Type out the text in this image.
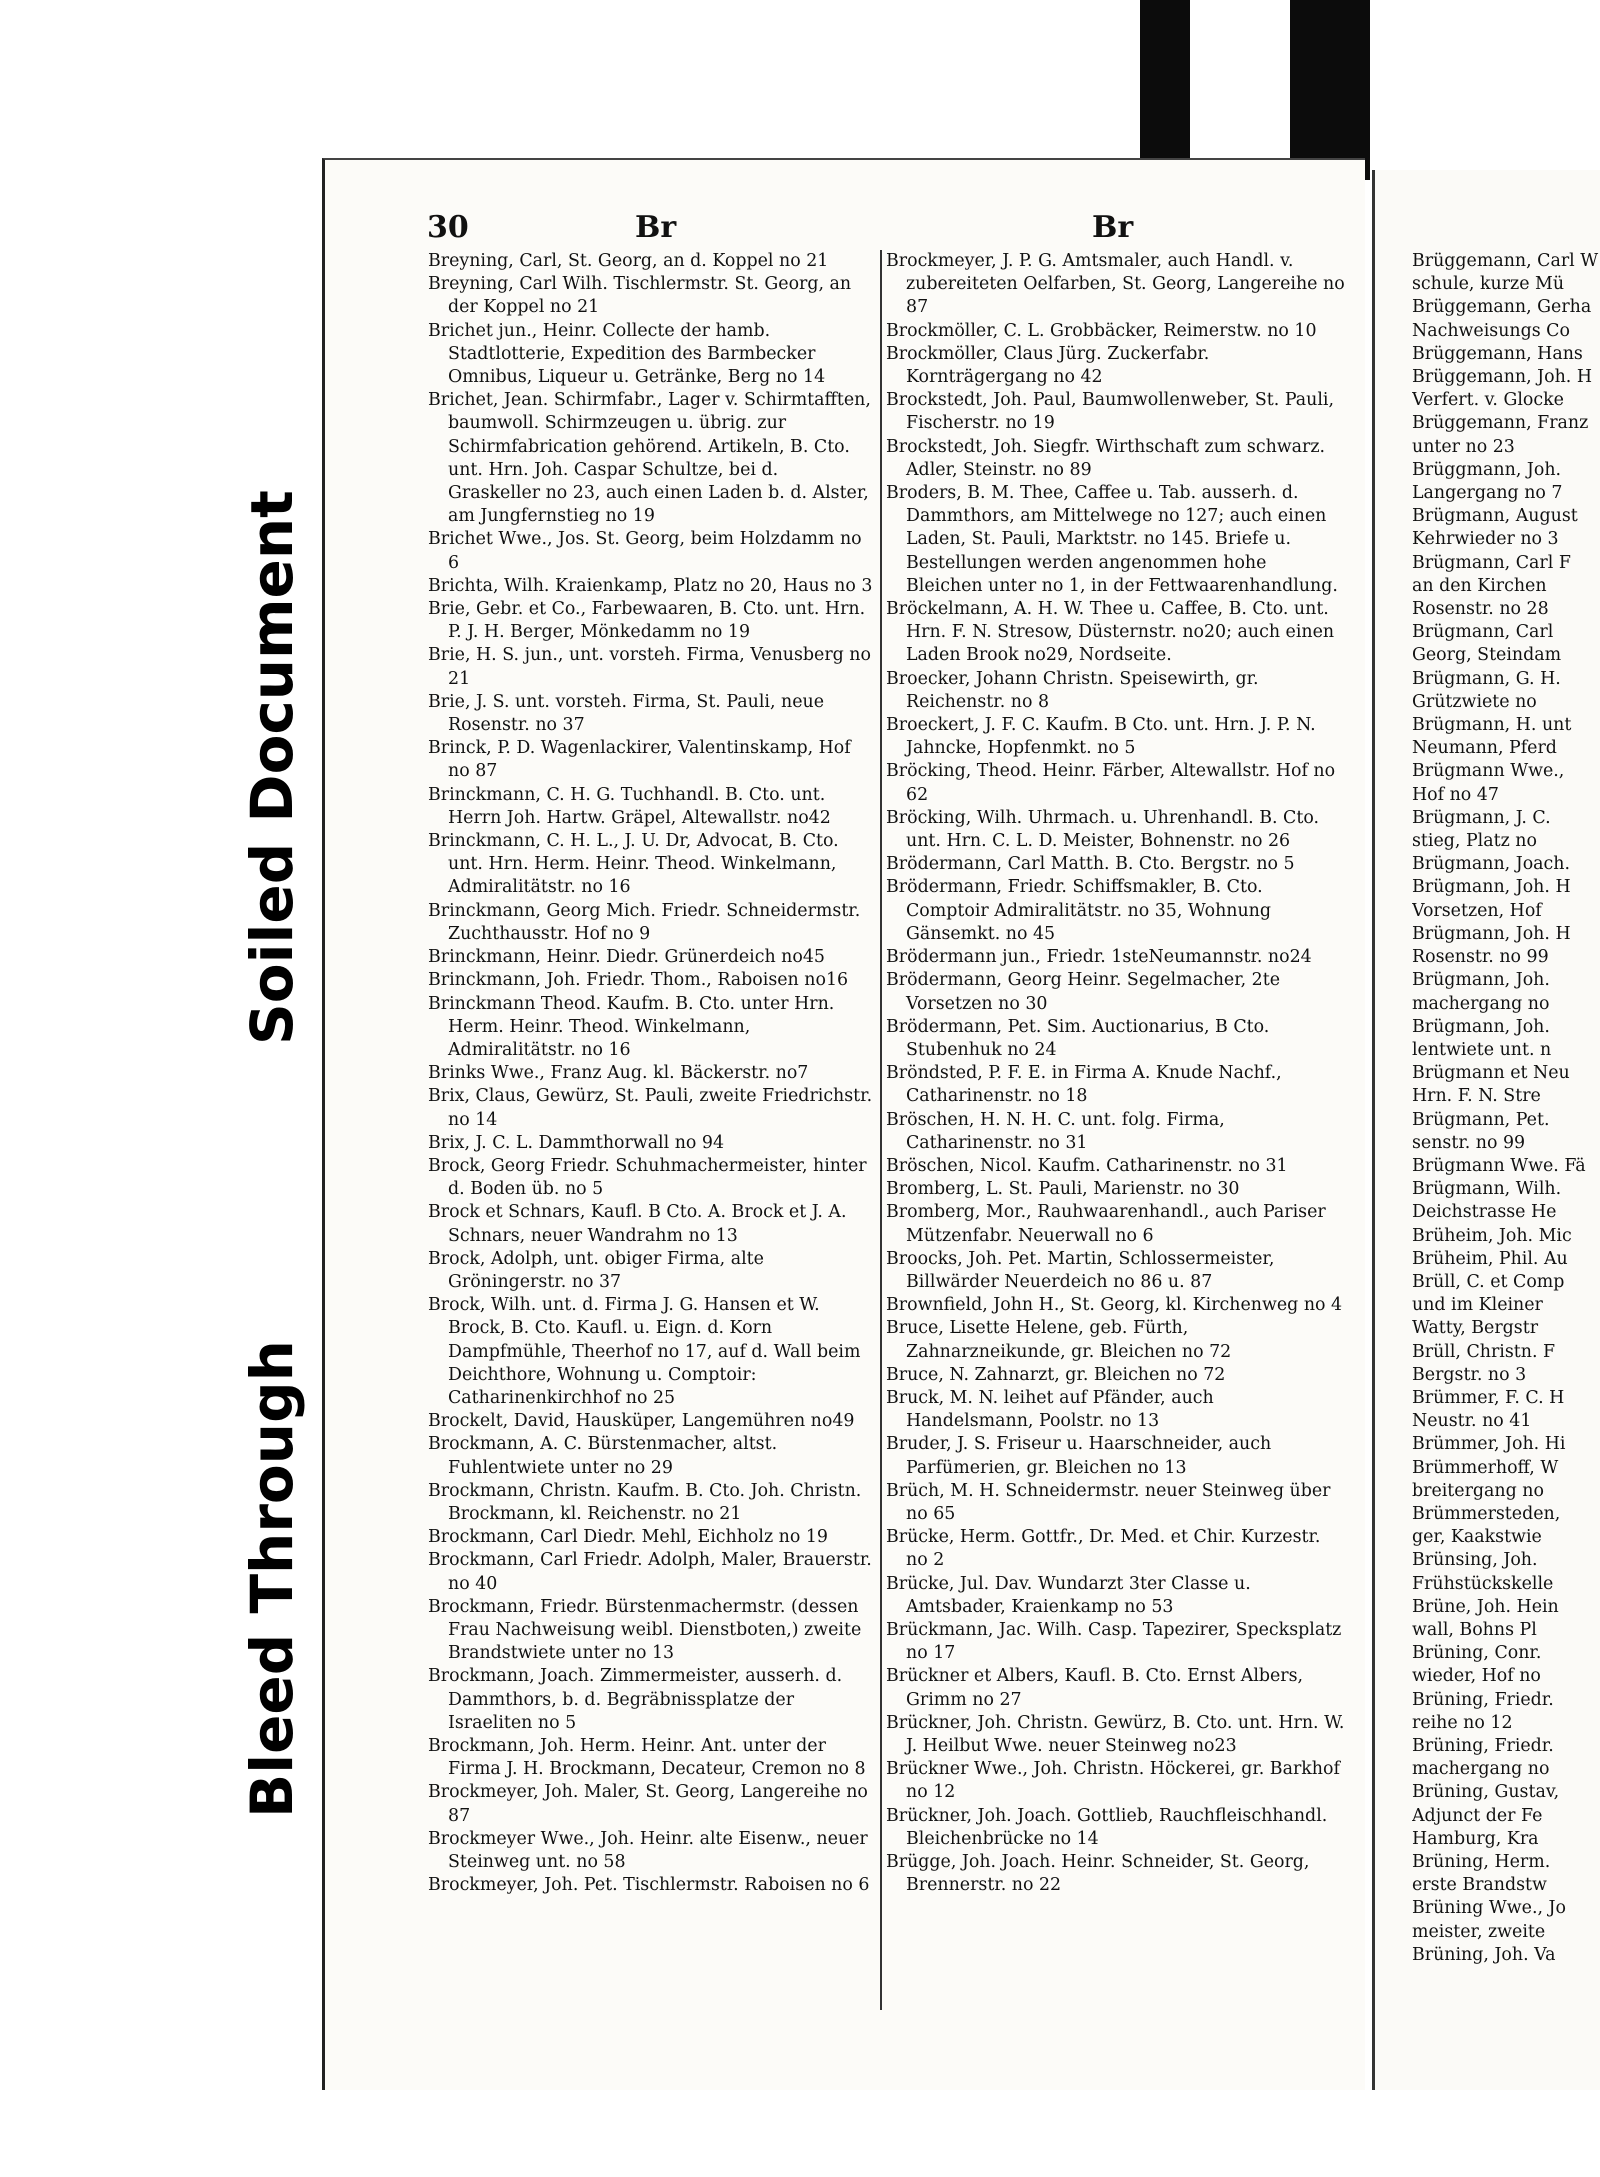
Soiled Document
Bleed Through
30	Br	Br

Breyning, Carl, St. Georg, an d. Koppel no 21

Breyning, Carl Wilh. Tischlermstr. St. Georg, an der Koppel no 21

Brichet jun., Heinr. Collecte der hamb. Stadtlotterie, Expedition des Barmbecker Omnibus, Liqueur u. Getränke, Berg no 14

Brichet, Jean. Schirmfabr., Lager v. Schirmtafften, baumwoll. Schirmzeugen u. übrig. zur Schirmfabrication gehörend. Artikeln, B. Cto. unt. Hrn. Joh. Caspar Schultze, bei d. Graskeller no 23, auch einen Laden b. d. Alster, am Jungfernstieg no 19

Brichet Wwe., Jos. St. Georg, beim Holzdamm no 6

Brichta, Wilh. Kraienkamp, Platz no 20, Haus no 3

Brie, Gebr. et Co., Farbewaaren, B. Cto. unt. Hrn. P. J. H. Berger, Mönkedamm no 19

Brie, H. S. jun., unt. vorsteh. Firma, Venusberg no 21

Brie, J. S. unt. vorsteh. Firma, St. Pauli, neue Rosenstr. no 37

Brinck, P. D. Wagenlackirer, Valentinskamp, Hof no 87

Brinckmann, C. H. G. Tuchhandl. B. Cto. unt. Herrn Joh. Hartw. Gräpel, Altewallstr. no42

Brinckmann, C. H. L., J. U. Dr, Advocat, B. Cto. unt. Hrn. Herm. Heinr. Theod. Winkelmann, Admiralitätstr. no 16

Brinckmann, Georg Mich. Friedr. Schneidermstr. Zuchthausstr. Hof no 9

Brinckmann, Heinr. Diedr. Grünerdeich no45

Brinckmann, Joh. Friedr. Thom., Raboisen no16

Brinckmann Theod. Kaufm. B. Cto. unter Hrn. Herm. Heinr. Theod. Winkelmann, Admiralitätstr. no 16

Brinks Wwe., Franz Aug. kl. Bäckerstr. no7

Brix, Claus, Gewürz, St. Pauli, zweite Friedrichstr. no 14

Brix, J. C. L. Dammthorwall no 94

Brock, Georg Friedr. Schuhmachermeister, hinter d. Boden üb. no 5

Brock et Schnars, Kaufl. B Cto. A. Brock et J. A. Schnars, neuer Wandrahm no 13

Brock, Adolph, unt. obiger Firma, alte Gröningerstr. no 37

Brock, Wilh. unt. d. Firma J. G. Hansen et W. Brock, B. Cto. Kaufl. u. Eign. d. Korn Dampfmühle, Theerhof no 17, auf d. Wall beim Deichthore, Wohnung u. Comptoir: Catharinenkirchhof no 25

Brockelt, David, Hausküper, Langemühren no49

Brockmann, A. C. Bürstenmacher, altst. Fuhlentwiete unter no 29

Brockmann, Christn. Kaufm. B. Cto. Joh. Christn. Brockmann, kl. Reichenstr. no 21

Brockmann, Carl Diedr. Mehl, Eichholz no 19

Brockmann, Carl Friedr. Adolph, Maler, Brauerstr. no 40

Brockmann, Friedr. Bürstenmachermstr. (dessen Frau Nachweisung weibl. Dienstboten,) zweite Brandstwiete unter no 13

Brockmann, Joach. Zimmermeister, ausserh. d. Dammthors, b. d. Begräbnissplatze der Israeliten no 5

Brockmann, Joh. Herm. Heinr. Ant. unter der Firma J. H. Brockmann, Decateur, Cremon no 8

Brockmeyer, Joh. Maler, St. Georg, Langereihe no 87

Brockmeyer Wwe., Joh. Heinr. alte Eisenw., neuer Steinweg unt. no 58

Brockmeyer, Joh. Pet. Tischlermstr. Raboisen no 6

Brockmeyer, J. P. G. Amtsmaler, auch Handl. v. zubereiteten Oelfarben, St. Georg, Langereihe no 87

Brockmöller, C. L. Grobbäcker, Reimerstw. no 10

Brockmöller, Claus Jürg. Zuckerfabr. Kornträgergang no 42

Brockstedt, Joh. Paul, Baumwollenweber, St. Pauli, Fischerstr. no 19

Brockstedt, Joh. Siegfr. Wirthschaft zum schwarz. Adler, Steinstr. no 89

Broders, B. M. Thee, Caffee u. Tab. ausserh. d. Dammthors, am Mittelwege no 127; auch einen Laden, St. Pauli, Marktstr. no 145. Briefe u. Bestellungen werden angenommen hohe Bleichen unter no 1, in der Fettwaarenhandlung.

Bröckelmann, A. H. W. Thee u. Caffee, B. Cto. unt. Hrn. F. N. Stresow, Düsternstr. no20; auch einen Laden Brook no29, Nordseite.

Broecker, Johann Christn. Speisewirth, gr. Reichenstr. no 8

Broeckert, J. F. C. Kaufm. B Cto. unt. Hrn. J. P. N. Jahncke, Hopfenmkt. no 5

Bröcking, Theod. Heinr. Färber, Altewallstr. Hof no 62

Bröcking, Wilh. Uhrmach. u. Uhrenhandl. B. Cto. unt. Hrn. C. L. D. Meister, Bohnenstr. no 26

Brödermann, Carl Matth. B. Cto. Bergstr. no 5

Brödermann, Friedr. Schiffsmakler, B. Cto. Comptoir Admiralitätstr. no 35, Wohnung Gänsemkt. no 45

Brödermann jun., Friedr. 1steNeumannstr. no24

Brödermann, Georg Heinr. Segelmacher, 2te Vorsetzen no 30

Brödermann, Pet. Sim. Auctionarius, B Cto. Stubenhuk no 24

Bröndsted, P. F. E. in Firma A. Knude Nachf., Catharinenstr. no 18

Bröschen, H. N. H. C. unt. folg. Firma, Catharinenstr. no 31

Bröschen, Nicol. Kaufm. Catharinenstr. no 31

Bromberg, L. St. Pauli, Marienstr. no 30

Bromberg, Mor., Rauhwaarenhandl., auch Pariser Mützenfabr. Neuerwall no 6

Broocks, Joh. Pet. Martin, Schlossermeister, Billwärder Neuerdeich no 86 u. 87

Brownfield, John H., St. Georg, kl. Kirchenweg no 4

Bruce, Lisette Helene, geb. Fürth, Zahnarzneikunde, gr. Bleichen no 72

Bruce, N. Zahnarzt, gr. Bleichen no 72

Bruck, M. N. leihet auf Pfänder, auch Handelsmann, Poolstr. no 13

Bruder, J. S. Friseur u. Haarschneider, auch Parfümerien, gr. Bleichen no 13

Brüch, M. H. Schneidermstr. neuer Steinweg über no 65

Brücke, Herm. Gottfr., Dr. Med. et Chir. Kurzestr. no 2

Brücke, Jul. Dav. Wundarzt 3ter Classe u. Amtsbader, Kraienkamp no 53

Brückmann, Jac. Wilh. Casp. Tapezirer, Specksplatz no 17

Brückner et Albers, Kaufl. B. Cto. Ernst Albers, Grimm no 27

Brückner, Joh. Christn. Gewürz, B. Cto. unt. Hrn. W. J. Heilbut Wwe. neuer Steinweg no23

Brückner Wwe., Joh. Christn. Höckerei, gr. Barkhof no 12

Brückner, Joh. Joach. Gottlieb, Rauchfleischhandl. Bleichenbrücke no 14

Brügge, Joh. Joach. Heinr. Schneider, St. Georg, Brennerstr. no 22

Brüggemann, Carl W

schule, kurze Mü

Brüggemann, Gerha

Nachweisungs Co

Brüggemann, Hans

Brüggemann, Joh. H

Verfert. v. Glocke

Brüggemann, Franz

unter no 23

Brüggmann, Joh.

Langergang no 7

Brügmann, August

Kehrwieder no 3

Brügmann, Carl F

an den Kirchen

Rosenstr. no 28

Brügmann, Carl

Georg, Steindam

Brügmann, G. H.

Grützwiete no

Brügmann, H. unt

Neumann, Pferd

Brügmann Wwe.,

Hof no 47

Brügmann, J. C.

stieg, Platz no

Brügmann, Joach.

Brügmann, Joh. H

Vorsetzen, Hof

Brügmann, Joh. H

Rosenstr. no 99

Brügmann, Joh.

machergang no

Brügmann, Joh.

lentwiete unt. n

Brügmann et Neu

Hrn. F. N. Stre

Brügmann, Pet.

senstr. no 99

Brügmann Wwe. Fä

Brügmann, Wilh.

Deichstrasse He

Brüheim, Joh. Mic

Brüheim, Phil. Au

Brüll, C. et Comp

und im Kleiner

Watty, Bergstr

Brüll, Christn. F

Bergstr. no 3

Brümmer, F. C. H

Neustr. no 41

Brümmer, Joh. Hi

Brümmerhoff, W

breitergang no

Brümmersteden,

ger, Kaakstwie

Brünsing, Joh.

Frühstückskelle

Brüne, Joh. Hein

wall, Bohns Pl

Brüning, Conr.

wieder, Hof no

Brüning, Friedr.

reihe no 12

Brüning, Friedr.

machergang no

Brüning, Gustav,

Adjunct der Fe

Hamburg, Kra

Brüning, Herm.

erste Brandstw

Brüning Wwe., Jo

meister, zweite

Brüning, Joh. Va
